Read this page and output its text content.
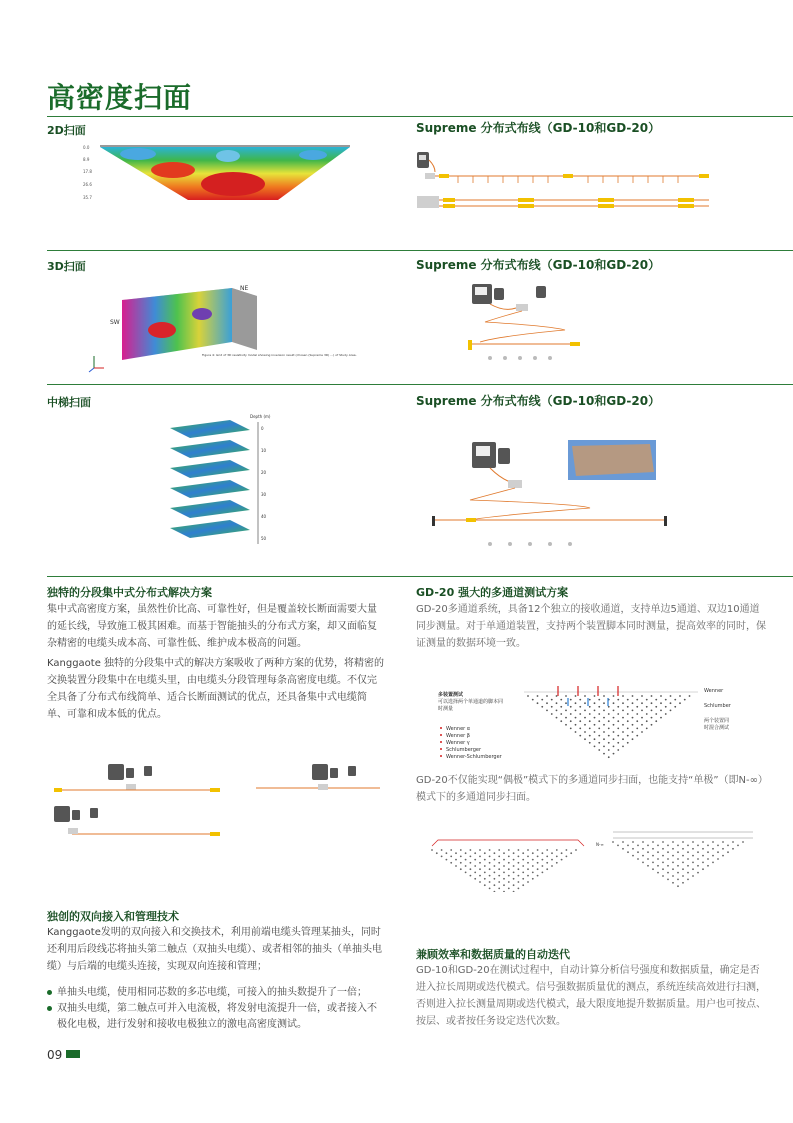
高密度扫面
2D扫面	Supreme 分布式布线（GD-10和GD-20）
0.0
8.9
17.8
26.6
35.7
3D扫面	Supreme 分布式布线（GD-10和GD-20）
SW
NE
Figure 4: Grid of 3D resistivity model showing inversion result (chosen (Supreme 3D) ...) of Study Area.
中梯扫面	Supreme 分布式布线（GD-10和GD-20）
Depth (m)
0
10
20
30
40
50
独特的分段集中式分布式解决方案
集中式高密度方案，虽然性价比高、可靠性好，但是覆盖较长断面需要大量的延长线，导致施工极其困难。而基于智能抽头的分布式方案，却又面临复杂精密的电缆头成本高、可靠性低、维护成本极高的问题。
Kanggaote 独特的分段集中式的解决方案吸收了两种方案的优势，将精密的交换装置分段集中在电缆头里，由电缆头分段管理每条高密度电缆。不仅完全具备了分布式布线简单、适合长断面测试的优点，还具备集中式电缆简单、可靠和成本低的优点。
独创的双向接入和管理技术
Kanggaote发明的双向接入和交换技术，利用前端电缆头管理某抽头，同时还利用后段线芯将抽头第二触点（双抽头电缆）、或者相邻的抽头（单抽头电缆）与后端的电缆头连接，实现双向连接和管理；
单抽头电缆，使用相同芯数的多芯电缆，可接入的抽头数提升了一倍；
双抽头电缆，第二触点可并入电流极，将发射电流提升一倍，或者接入不极化电极，进行发射和接收电极独立的激电高密度测试。
GD-20 强大的多通道测试方案
GD-20多通道系统，具备12个独立的接收通道，支持单边5通道、双边10通道同步测量。对于单通道装置，支持两个装置脚本同时测量，提高效率的同时，保证测量的数据环境一致。
多装置测试
可以选择两个单通道的脚本同
时测量
Wenner α
Wenner β
Wenner γ
Schlumberger
Wenner-Schlumberger
Wenner
Schlumber
两个装置同
时混合测试
GD-20不仅能实现“偶极”模式下的多通道同步扫面，也能支持“单极”（即N-∞）模式下的多通道同步扫面。
N-∞
兼顾效率和数据质量的自动迭代
GD-10和GD-20在测试过程中，自动计算分析信号强度和数据质量，确定是否进入拉长周期或迭代模式。信号强数据质量优的测点，系统连续高效进行扫测，否则进入拉长测量周期或迭代模式，最大限度地提升数据质量。用户也可按点、按层、或者按任务设定迭代次数。
09
